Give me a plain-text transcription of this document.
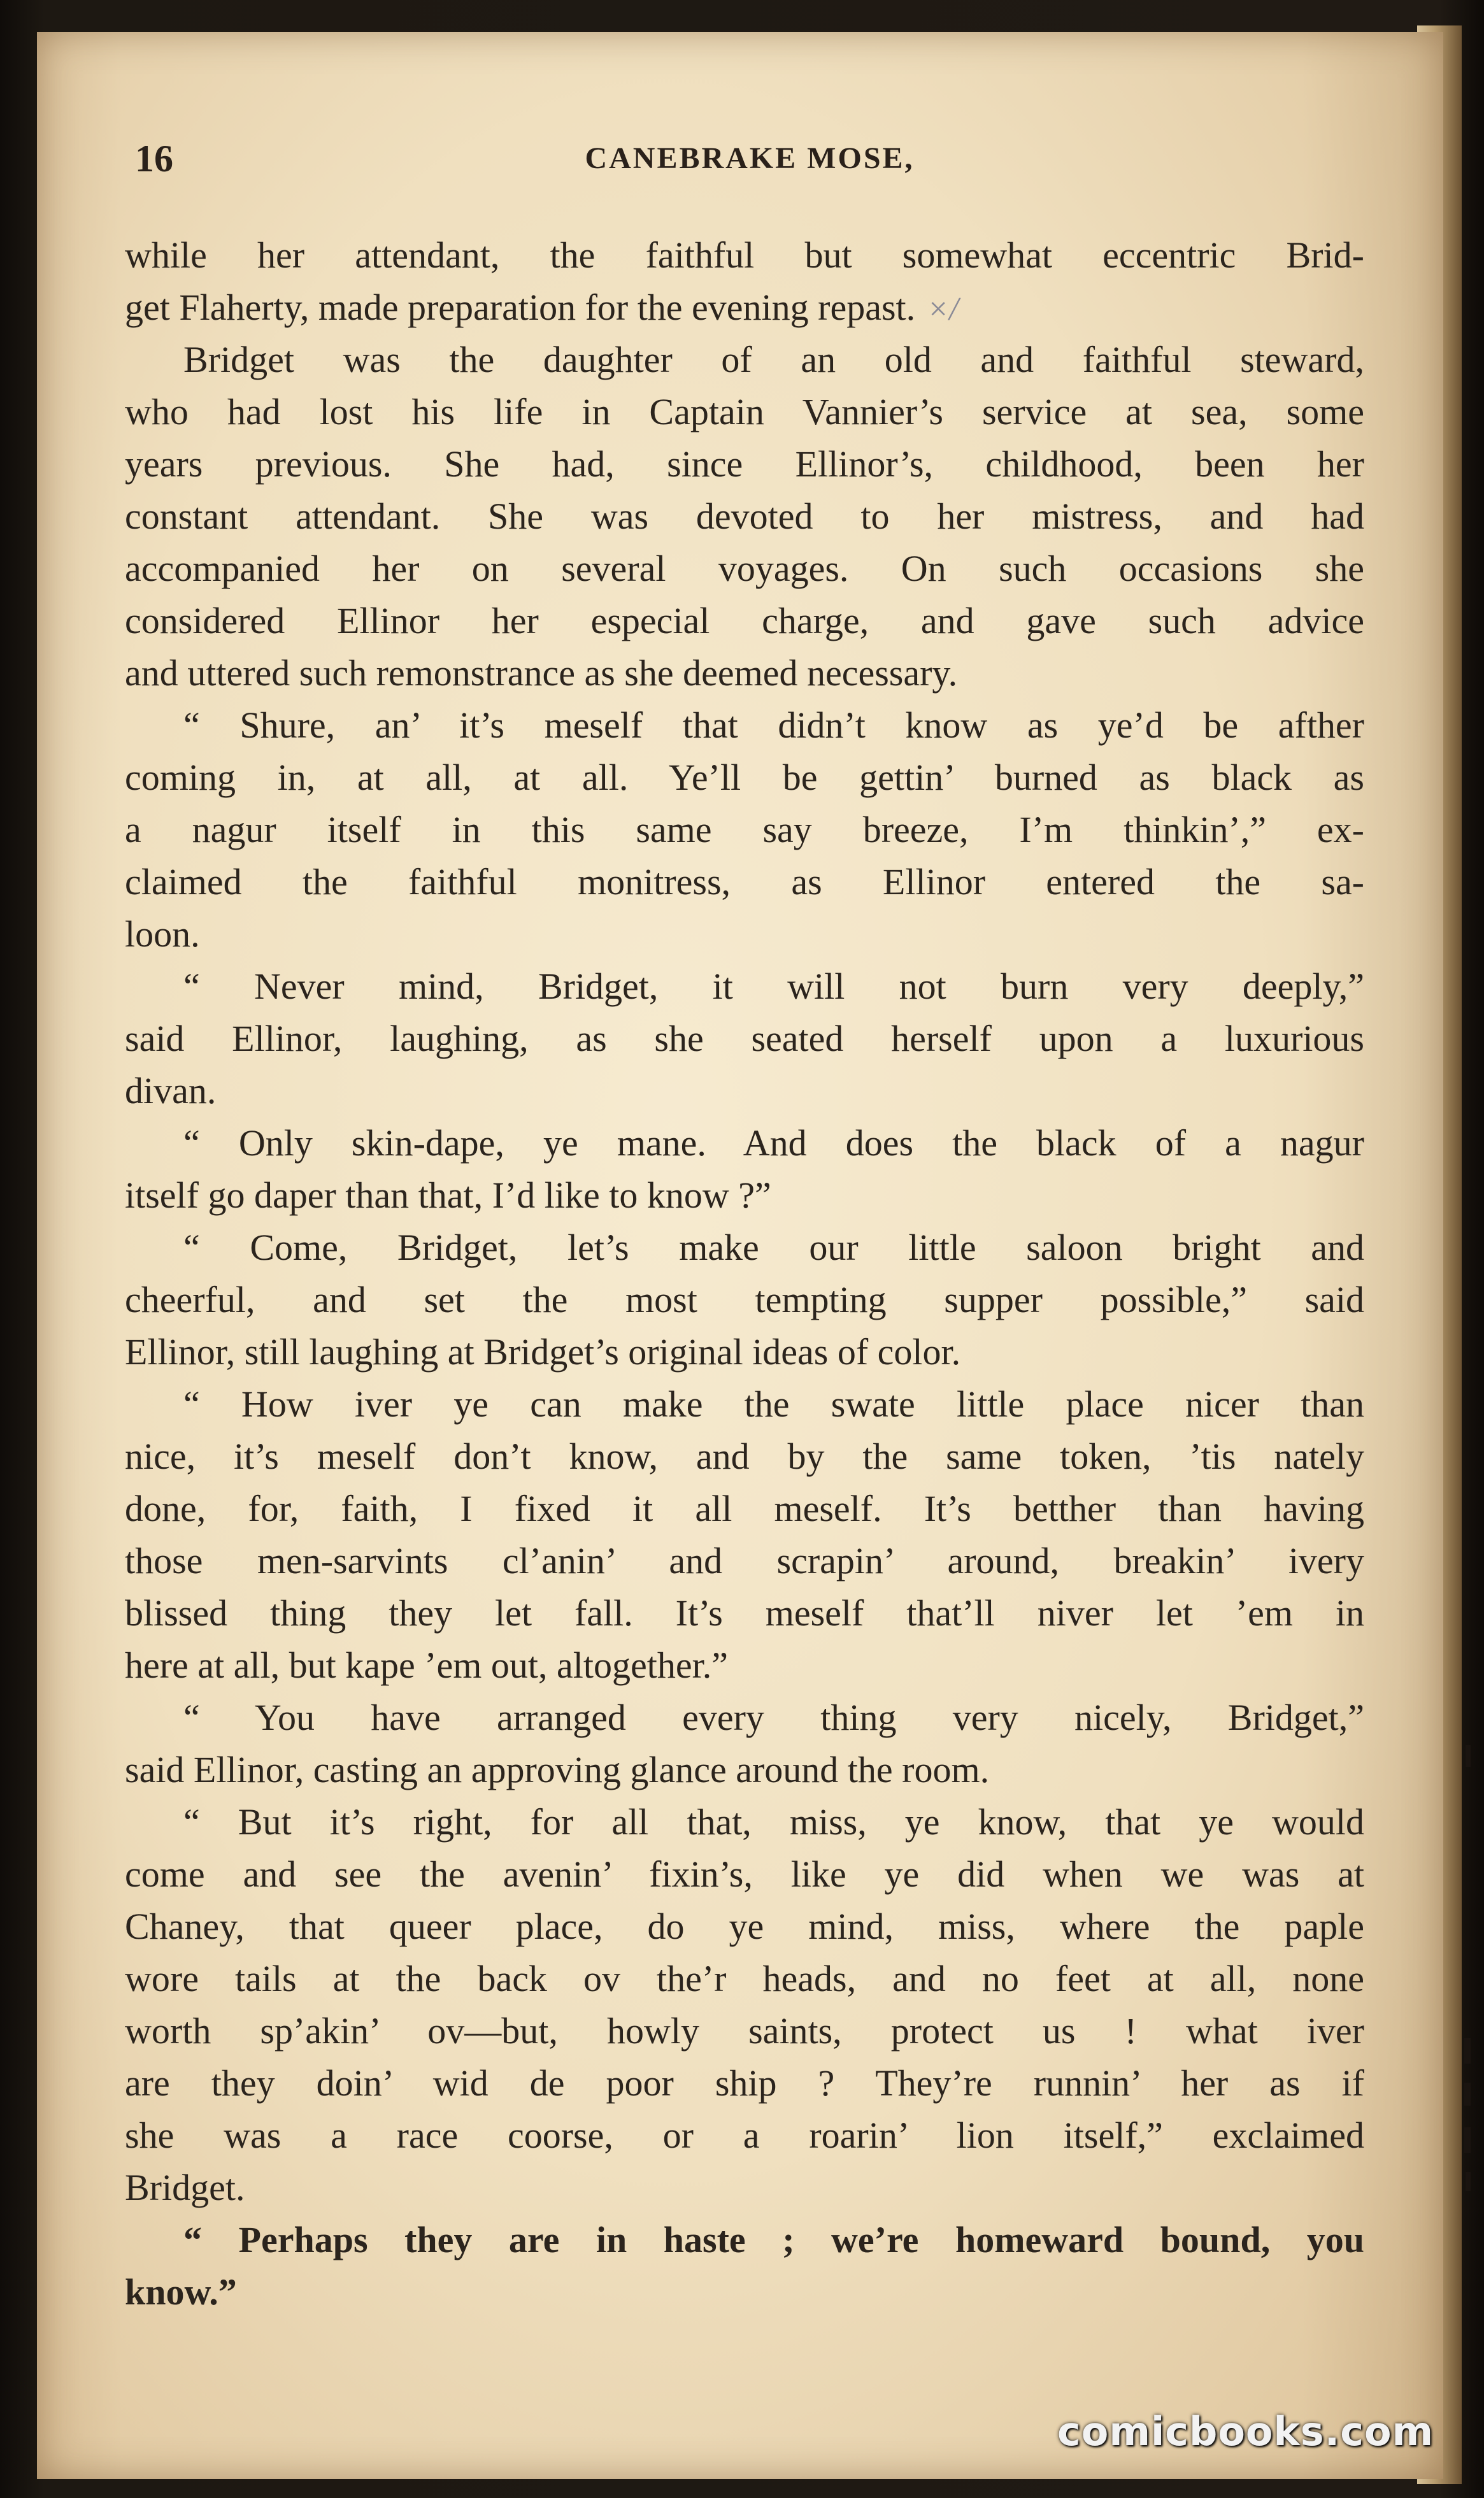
16	CANEBRAKE MOSE,
while her attendant, the faithful but somewhat eccentric Brid-
get Flaherty, made preparation for the evening repast. ×/
Bridget was the daughter of an old and faithful steward,
who had lost his life in Captain Vannier’s service at sea, some
years previous. She had, since Ellinor’s, childhood, been her
constant attendant. She was devoted to her mistress, and had
accompanied her on several voyages. On such occasions she
considered Ellinor her especial charge, and gave such advice
and uttered such remonstrance as she deemed necessary.
“ Shure, an’ it’s meself that didn’t know as ye’d be afther
coming in, at all, at all. Ye’ll be gettin’ burned as black as
a nagur itself in this same say breeze, I’m thinkin’,” ex-
claimed the faithful monitress, as Ellinor entered the sa-
loon.
“ Never mind, Bridget, it will not burn very deeply,”
said Ellinor, laughing, as she seated herself upon a luxurious
divan.
“ Only skin-dape, ye mane. And does the black of a nagur
itself go daper than that, I’d like to know ?”
“ Come, Bridget, let’s make our little saloon bright and
cheerful, and set the most tempting supper possible,” said
Ellinor, still laughing at Bridget’s original ideas of color.
“ How iver ye can make the swate little place nicer than
nice, it’s meself don’t know, and by the same token, ’tis nately
done, for, faith, I fixed it all meself. It’s betther than having
those men-sarvints cl’anin’ and scrapin’ around, breakin’ ivery
blissed thing they let fall. It’s meself that’ll niver let ’em in
here at all, but kape ’em out, altogether.”
“ You have arranged every thing very nicely, Bridget,”
said Ellinor, casting an approving glance around the room.
“ But it’s right, for all that, miss, ye know, that ye would
come and see the avenin’ fixin’s, like ye did when we was at
Chaney, that queer place, do ye mind, miss, where the paple
wore tails at the back ov the’r heads, and no feet at all, none
worth sp’akin’ ov—but, howly saints, protect us ! what iver
are they doin’ wid de poor ship ? They’re runnin’ her as if
she was a race coorse, or a roarin’ lion itself,” exclaimed
Bridget.
“ Perhaps they are in haste ; we’re homeward bound, you
know.”
comicbooks.com
